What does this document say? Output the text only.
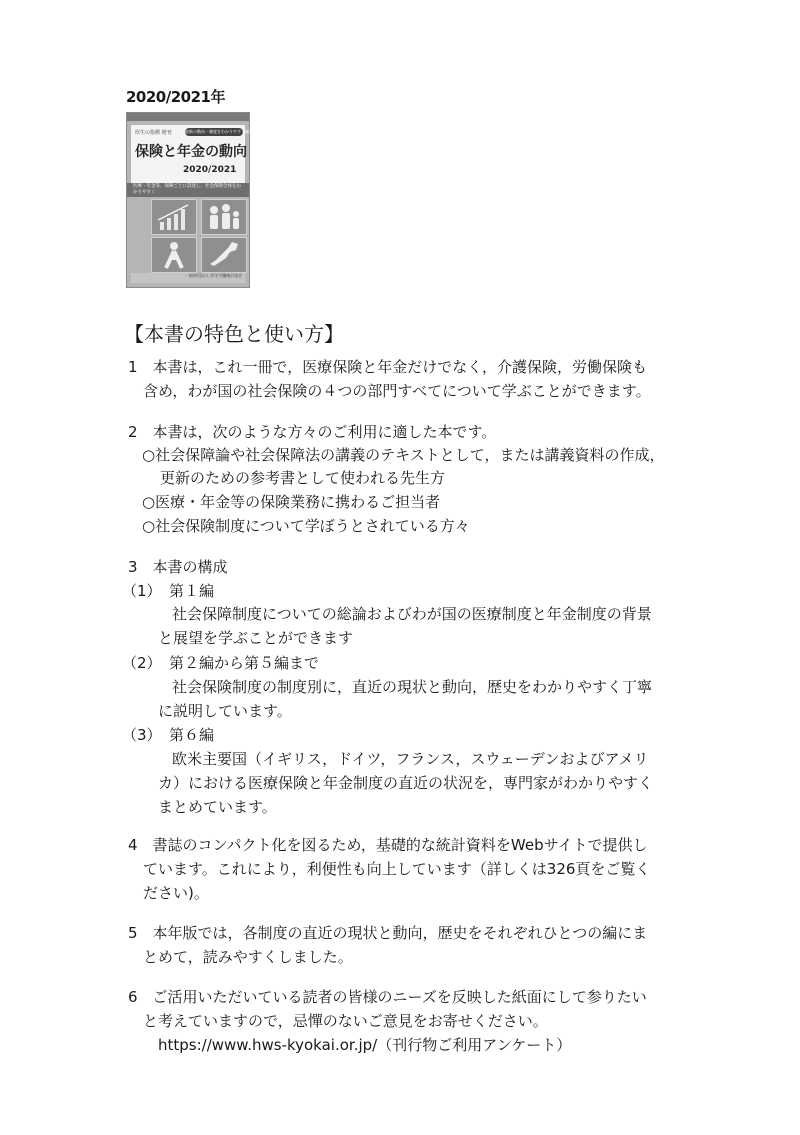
2020/2021年
厚生の指標 増刊	最新の動向・制度をわかりやすく解説
保険と年金の動向
2020/2021
医療・年金等、保険ごとに詳述し、社会保障全体をわかりやすく
一般財団法人 厚生労働統計協会
【本書の特色と使い方】
1　本書は，これ一冊で，医療保険と年金だけでなく，介護保険，労働保険も
含め，わが国の社会保険の４つの部門すべてについて学ぶことができます。
2　本書は，次のような方々のご利用に適した本です。
○社会保障論や社会保障法の講義のテキストとして，または講義資料の作成，
更新のための参考書として使われる先生方
○医療・年金等の保険業務に携わるご担当者
○社会保険制度について学ぼうとされている方々
3　本書の構成
（1）　第１編
社会保障制度についての総論およびわが国の医療制度と年金制度の背景
と展望を学ぶことができます
（2）　第２編から第５編まで
社会保険制度の制度別に，直近の現状と動向，歴史をわかりやすく丁寧
に説明しています。
（3）　第６編
欧米主要国（イギリス，ドイツ，フランス，スウェーデンおよびアメリ
カ）における医療保険と年金制度の直近の状況を，専門家がわかりやすく
まとめています。
4　書誌のコンパクト化を図るため，基礎的な統計資料をWebサイトで提供し
ています。これにより，利便性も向上しています（詳しくは326頁をご覧く
ださい)。
5　本年版では，各制度の直近の現状と動向，歴史をそれぞれひとつの編にま
とめて，読みやすくしました。
6　ご活用いただいている読者の皆様のニーズを反映した紙面にして参りたい
と考えていますので，忌憚のないご意見をお寄せください。
https://www.hws-kyokai.or.jp/（刊行物ご利用アンケート）
